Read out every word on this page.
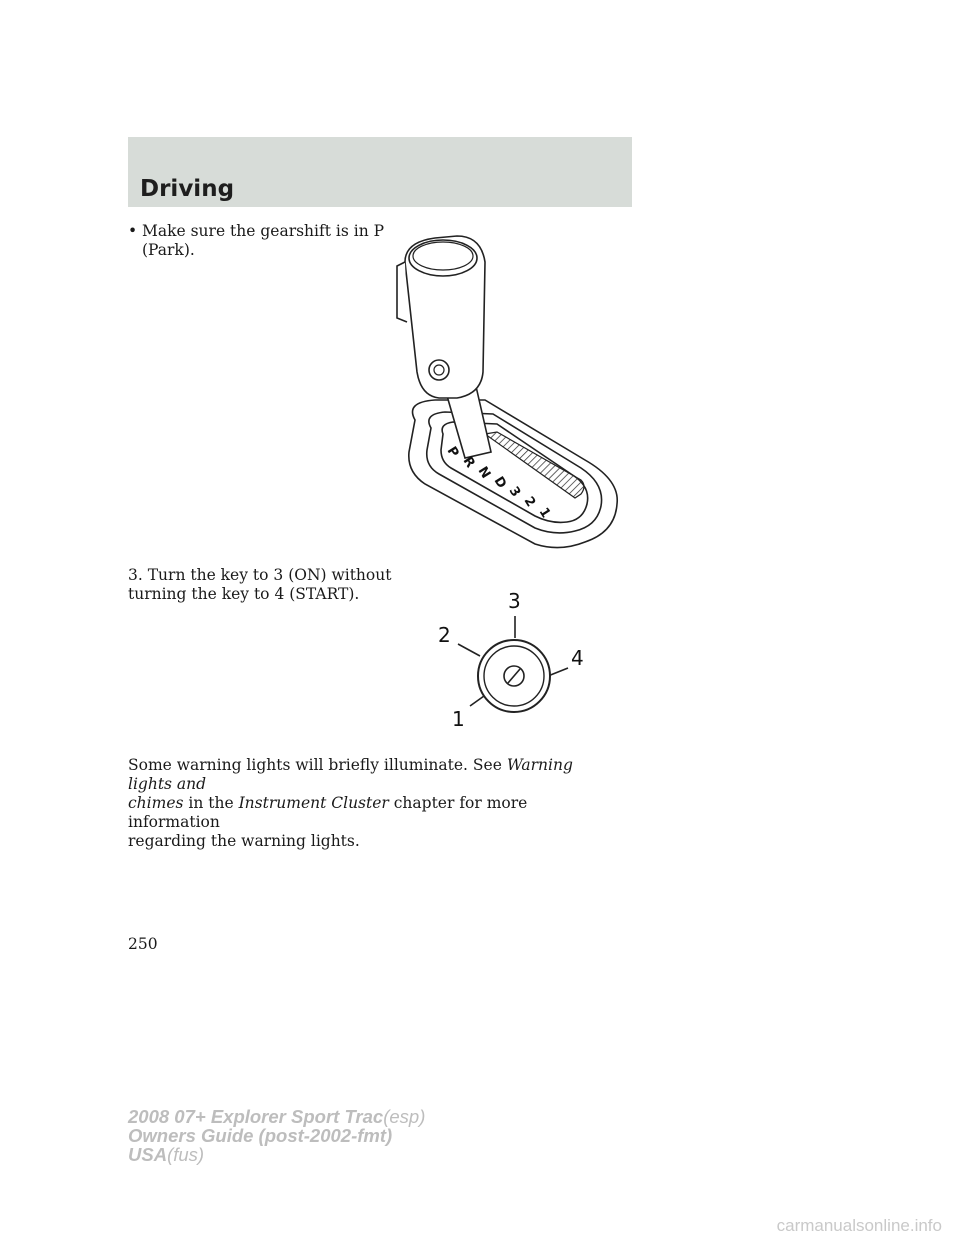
Driving
• Make sure the gearshift is in P
(Park).
P
R
N
D
3
2
1
3. Turn the key to 3 (ON) without
turning the key to 4 (START).	3
2
4
1
Some warning lights will briefly illuminate. See Warning lights and
chimes in the Instrument Cluster chapter for more information
regarding the warning lights.
250
2008 07+ Explorer Sport Trac(esp)
Owners Guide (post-2002-fmt)
USA(fus)
carmanualsonline.info
